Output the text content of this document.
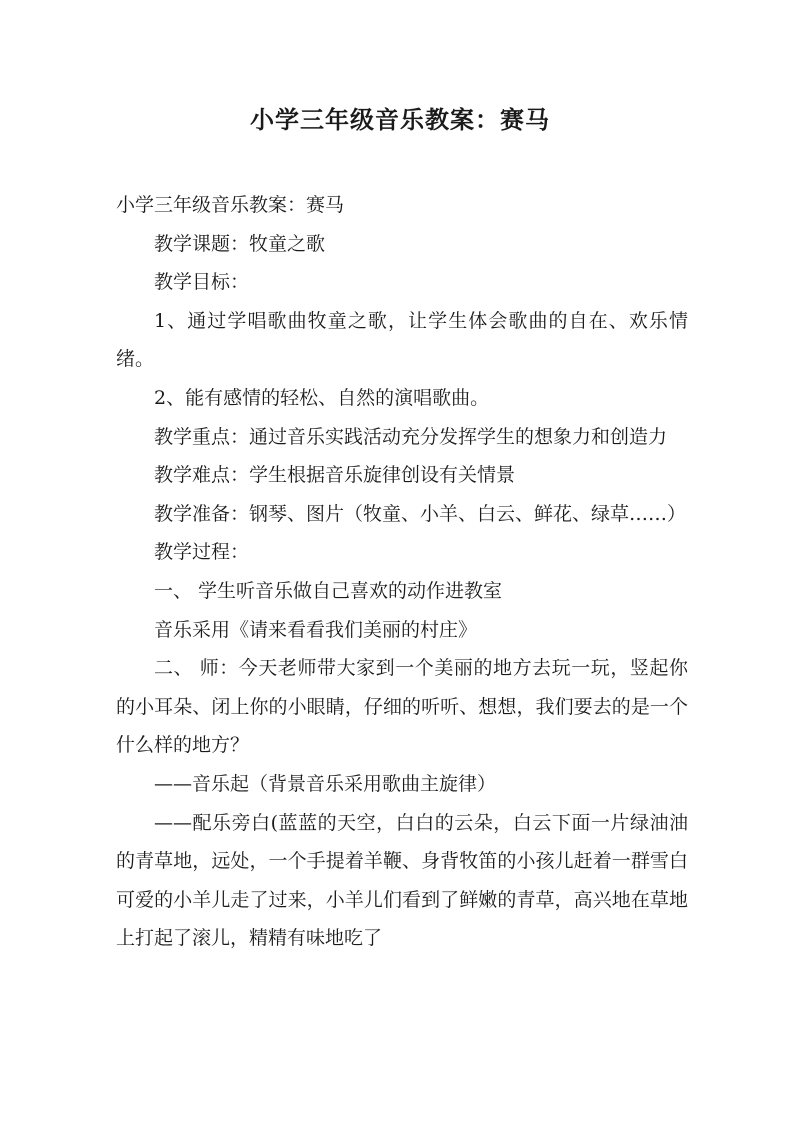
小学三年级音乐教案：赛马

小学三年级音乐教案：赛马

教学课题：牧童之歌

教学目标：

1、通过学唱歌曲牧童之歌，让学生体会歌曲的自在、欢乐情绪。

2、能有感情的轻松、自然的演唱歌曲。

教学重点：通过音乐实践活动充分发挥学生的想象力和创造力

教学难点：学生根据音乐旋律创设有关情景

教学准备：钢琴、图片（牧童、小羊、白云、鲜花、绿草……）

教学过程：

一、 学生听音乐做自己喜欢的动作进教室

音乐采用《请来看看我们美丽的村庄》

二、 师：今天老师带大家到一个美丽的地方去玩一玩，竖起你的小耳朵、闭上你的小眼睛，仔细的听听、想想，我们要去的是一个什么样的地方？

——音乐起（背景音乐采用歌曲主旋律）

——配乐旁白(蓝蓝的天空，白白的云朵，白云下面一片绿油油的青草地，远处，一个手提着羊鞭、身背牧笛的小孩儿赶着一群雪白可爱的小羊儿走了过来，小羊儿们看到了鲜嫩的青草，高兴地在草地上打起了滚儿，精精有味地吃了
